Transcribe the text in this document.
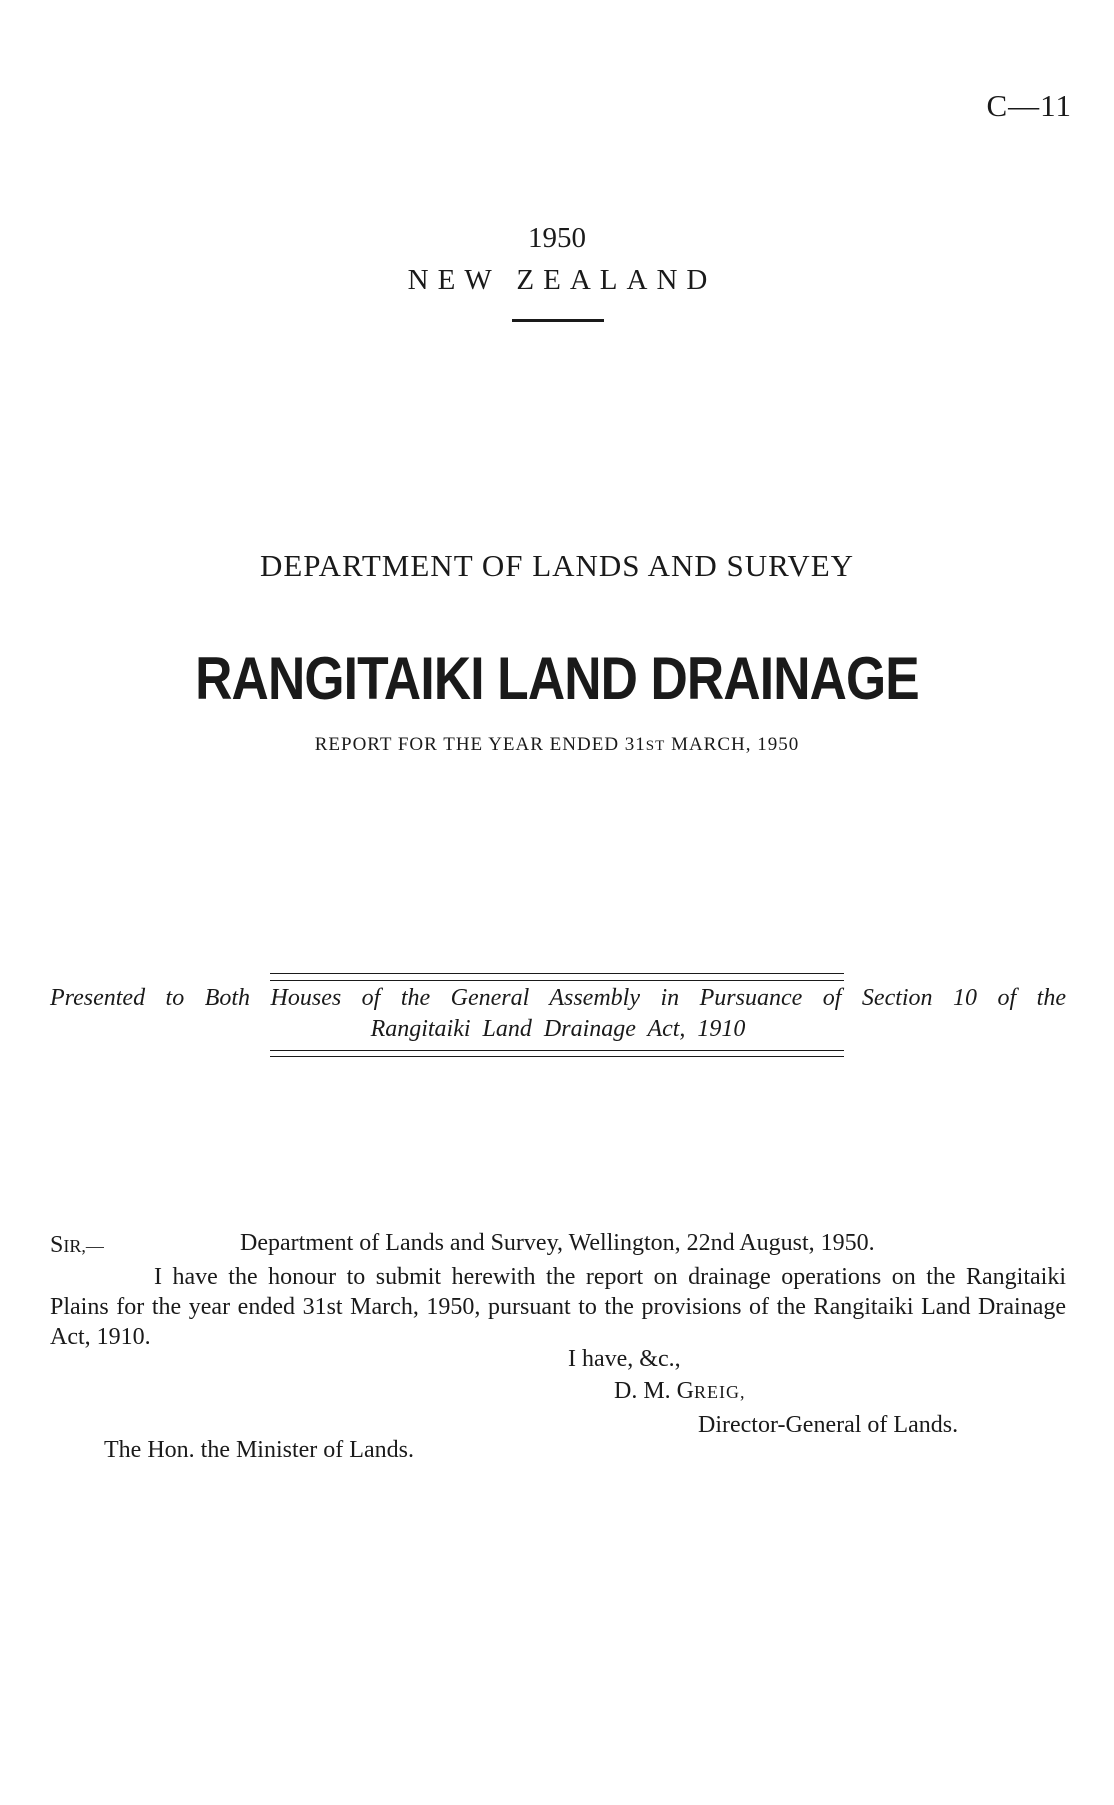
C—11
1950
NEW ZEALAND
DEPARTMENT OF LANDS AND SURVEY
RANGITAIKI LAND DRAINAGE
REPORT FOR THE YEAR ENDED 31ST MARCH, 1950
Presented to Both Houses of the General Assembly in Pursuance of Section 10 of the
Rangitaiki Land Drainage Act, 1910
SIR,—	Department of Lands and Survey, Wellington, 22nd August, 1950.
I have the honour to submit herewith the report on drainage operations on the Rangitaiki Plains for the year ended 31st March, 1950, pursuant to the provisions of the Rangitaiki Land Drainage Act, 1910.
I have, &c.,
D. M. GREIG,
Director-General of Lands.
The Hon. the Minister of Lands.
